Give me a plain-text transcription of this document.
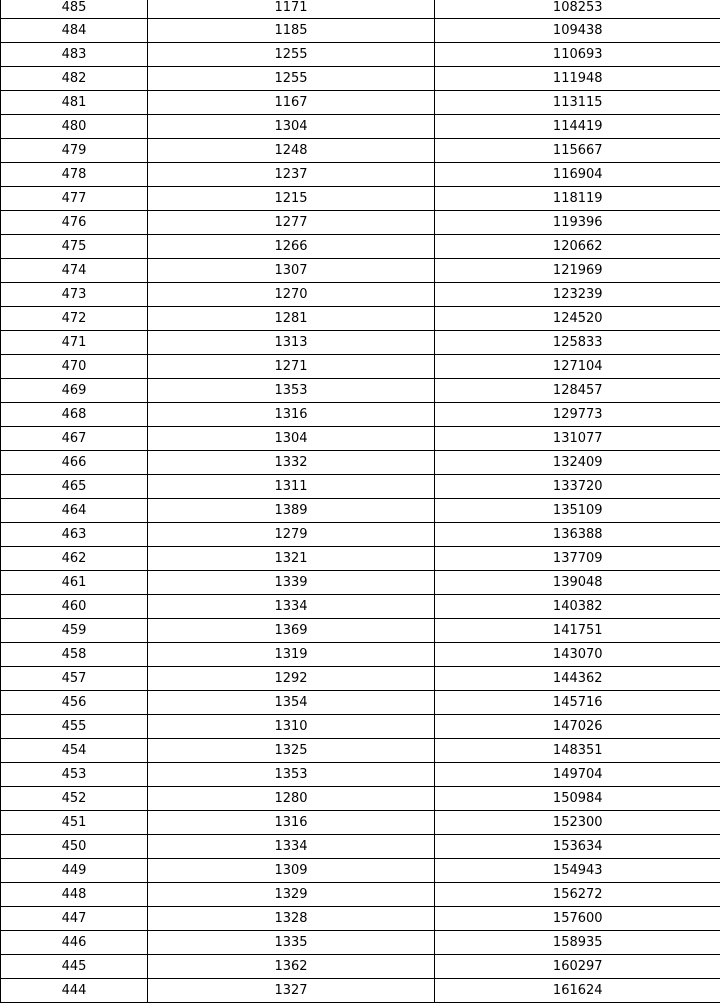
485	1171	108253
484	1185	109438
483	1255	110693
482	1255	111948
481	1167	113115
480	1304	114419
479	1248	115667
478	1237	116904
477	1215	118119
476	1277	119396
475	1266	120662
474	1307	121969
473	1270	123239
472	1281	124520
471	1313	125833
470	1271	127104
469	1353	128457
468	1316	129773
467	1304	131077
466	1332	132409
465	1311	133720
464	1389	135109
463	1279	136388
462	1321	137709
461	1339	139048
460	1334	140382
459	1369	141751
458	1319	143070
457	1292	144362
456	1354	145716
455	1310	147026
454	1325	148351
453	1353	149704
452	1280	150984
451	1316	152300
450	1334	153634
449	1309	154943
448	1329	156272
447	1328	157600
446	1335	158935
445	1362	160297
444	1327	161624
